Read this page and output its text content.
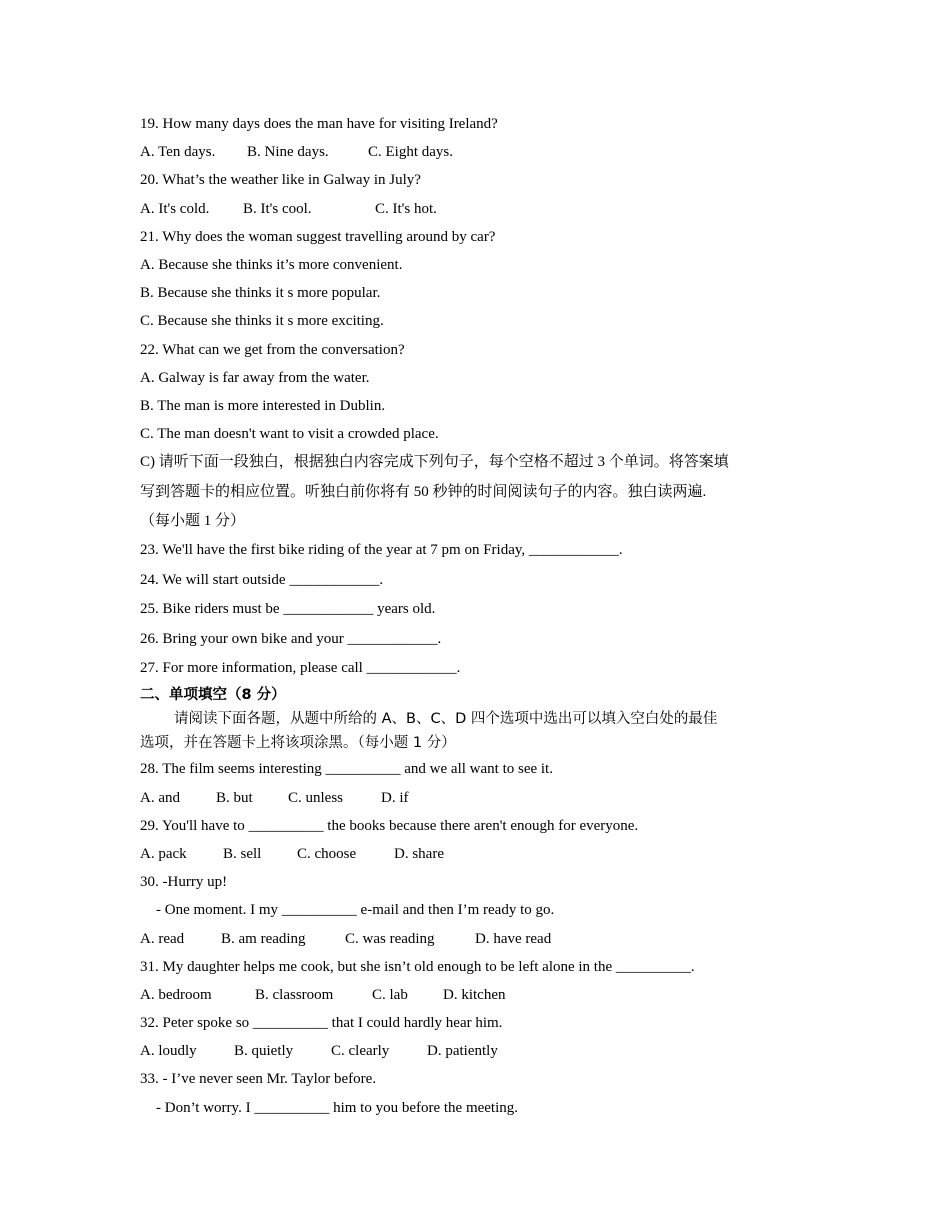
19. How many days does the man have for visiting Ireland?
A. Ten days. B. Nine days.	C. Eight days.
20. What’s the weather like in Galway in July?
A. It's cold. B. It's cool.	C. It's hot.
21. Why does the woman suggest travelling around by car?
A. Because she thinks it’s more convenient.
B. Because she thinks it s more popular.
C. Because she thinks it s more exciting.
22. What can we get from the conversation?
A. Galway is far away from the water.
B. The man is more interested in Dublin.
C. The man doesn't want to visit a crowded place.
C) 请听下面一段独白，根据独白内容完成下列句子，每个空格不超过 3 个单词。将答案填
写到答题卡的相应位置。听独白前你将有 50 秒钟的时间阅读句子的内容。独白读两遍.
（每小题 1 分）
23. We'll have the first bike riding of the year at 7 pm on Friday, ____________.
24. We will start outside ____________.
25. Bike riders must be ____________ years old.
26. Bring your own bike and your ____________.
27. For more information, please call ____________.
二、单项填空（8 分）
请阅读下面各题，从题中所给的 A、B、C、D 四个选项中选出可以填入空白处的最佳
选项，并在答题卡上将该项涂黑。（每小题 1 分）
28. The film seems interesting __________ and we all want to see it.
A. and B. but C. unless	D. if
29. You'll have to __________ the books because there aren't enough for everyone.
A. pack B. sell C. choose	D. share
30. -Hurry up!
- One moment. I my __________ e-mail and then I’m ready to go.
A. read B. am reading	C. was reading	D. have read
31. My daughter helps me cook, but she isn’t old enough to be left alone in the __________.
A. bedroom	B. classroom	C. lab D. kitchen
32. Peter spoke so __________ that I could hardly hear him.
A. loudly B. quietly	C. clearly	D. patiently
33. - I’ve never seen Mr. Taylor before.
- Don’t worry. I __________ him to you before the meeting.
